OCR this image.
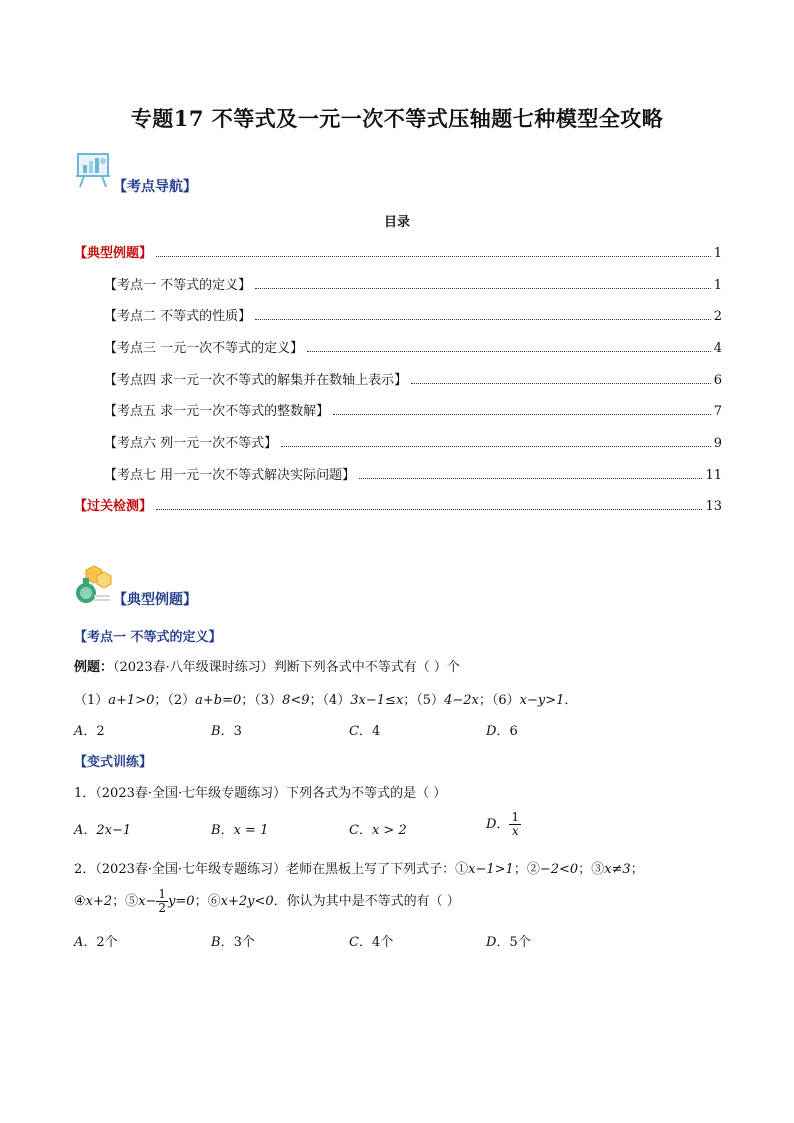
专题17 不等式及一元一次不等式压轴题七种模型全攻略
【考点导航】
目录
【典型例题】	1
【考点一 不等式的定义】	1
【考点二 不等式的性质】	2
【考点三 一元一次不等式的定义】	4
【考点四 求一元一次不等式的解集并在数轴上表示】	6
【考点五 求一元一次不等式的整数解】	7
【考点六 列一元一次不等式】	9
【考点七 用一元一次不等式解决实际问题】	11
【过关检测】	13
【典型例题】
【考点一 不等式的定义】
例题：（2023春·八年级课时练习）判断下列各式中不等式有（ ）个
（1）a+1>0；（2）a+b=0；（3）8<9；（4）3x−1≤x；（5）4−2x；（6）x−y>1．
A．2	B．3	C．4	D．6
【变式训练】
1．（2023春·全国·七年级专题练习）下列各式为不等式的是（ ）
A．2x−1	B．x = 1	C．x > 2	D． $\frac{1}{x}$
2．（2023春·全国·七年级专题练习）老师在黑板上写了下列式子：①x−1>1；②−2<0；③x≠3；
④x+2；⑤x− $\frac{1}{2} y=0$；⑥x+2y<0．你认为其中是不等式的有（ ）
A．2个	B．3个	C．4个	D．5个
